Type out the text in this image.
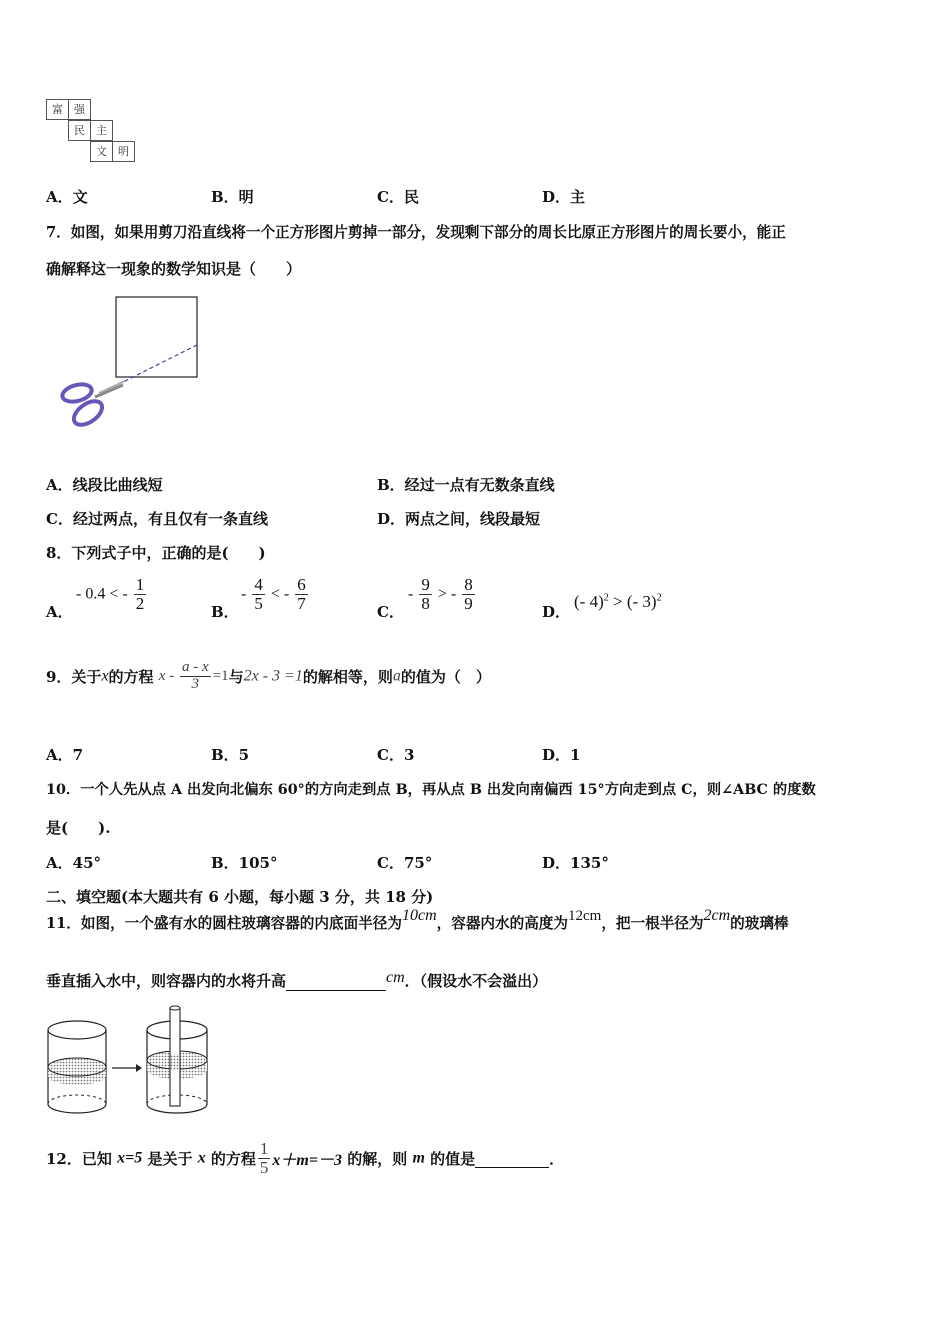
富	强
民	主
文	明
A．文	B．明	C．民	D．主
7．如图，如果用剪刀沿直线将一个正方形图片剪掉一部分，发现剩下部分的周长比原正方形图片的周长要小，能正
确解释这一现象的数学知识是（　　）
A．线段比曲线短	B．经过一点有无数条直线
C．经过两点，有且仅有一条直线	D．两点之间，线段最短
8．下列式子中，正确的是(　　)
A．
- 0.4 < - $\frac{1}{2}$	B．
- $\frac{4}{5}$ < - $\frac{6}{7}$	C．
- $\frac{9}{8}$ > - $\frac{8}{9}$	D．
(- 4)$^2$ > (- 3)$^2$
9．关于x的方程 $x - \frac{a - x}{3} =1$与2x - 3 =1的解相等，则a的值为（　）
A．7	B．5	C．3	D．1
10．一个人先从点 A 出发向北偏东 60°的方向走到点 B，再从点 B 出发向南偏西 15°方向走到点 C，则∠ABC 的度数
是(　　).
A．45°	B．105°	C．75°	D．135°
二、填空题(本大题共有 6 小题，每小题 3 分，共 18 分)
11．如图，一个盛有水的圆柱玻璃容器的内底面半径为10cm，容器内水的高度为12cm，把一根半径为2cm的玻璃棒
垂直插入水中，则容器内的水将升高	cm．（假设水不会溢出）
12．已知 x=5 是关于 x 的方程 $\frac{1}{5} x+m=-3$ 的解，则 m 的值是	．
